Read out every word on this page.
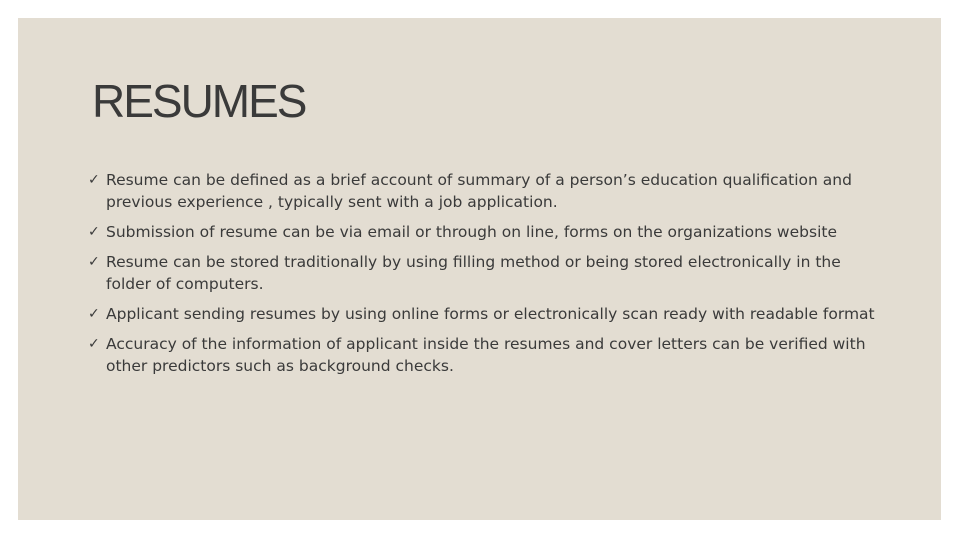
RESUMES
✓ Resume can be defined as a brief account of summary of a person’s education qualification and previous experience , typically sent with a job application.
✓ Submission of resume can be via email or through on line, forms on the organizations website
✓ Resume can be stored traditionally by using filling method or being stored electronically in the folder of computers.
✓ Applicant sending resumes by using online forms or electronically scan ready with readable format
✓ Accuracy of the information of applicant inside the resumes and cover letters can be verified with other predictors such as background checks.
